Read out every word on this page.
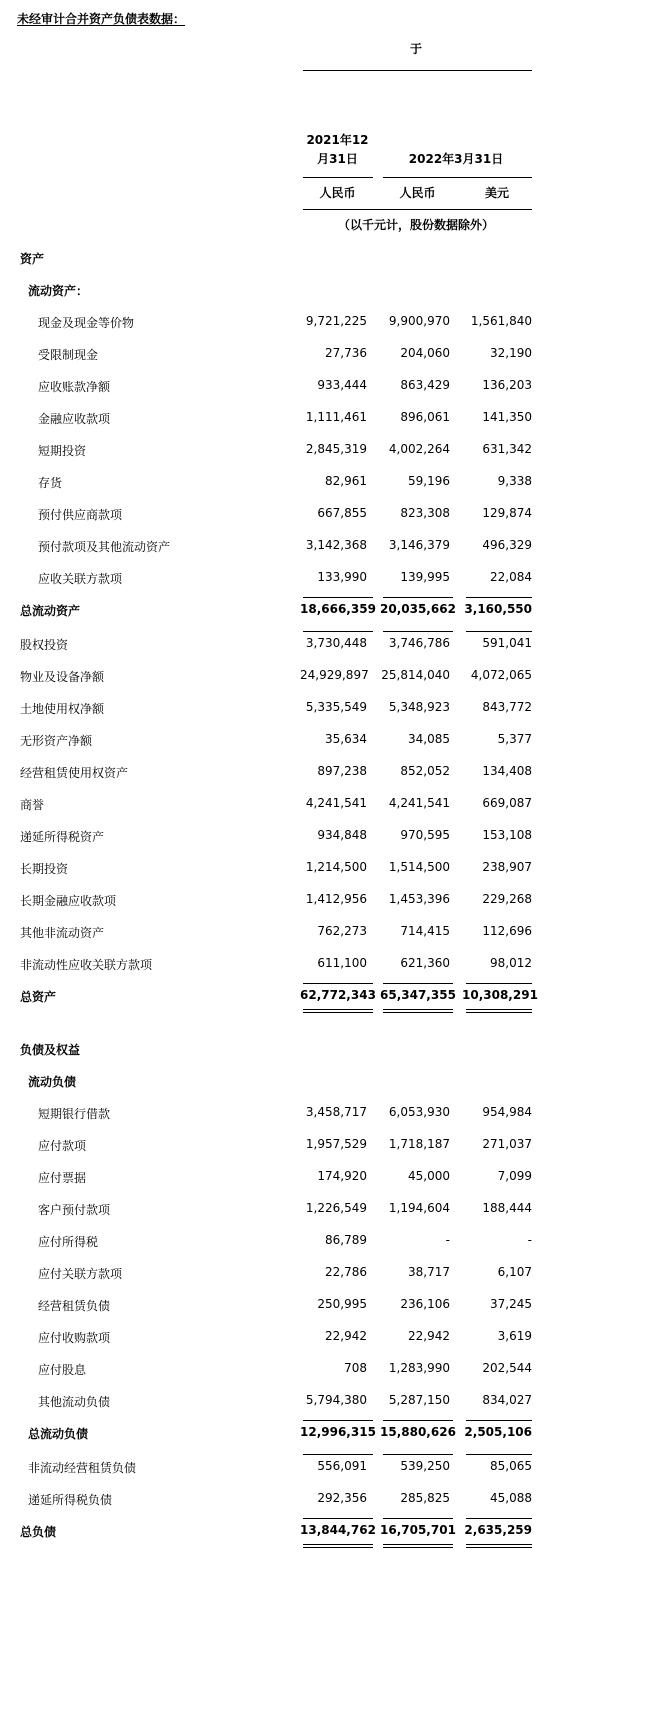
未经审计合并资产负债表数据：
于
2021年12
月31日	2022年3月31日
人民币	人民币	美元
（以千元计，股份数据除外）
资产
流动资产：
负债及权益
流动负债
现金及现金等价物	9,721,225	9,900,970	1,561,840
受限制现金	27,736	204,060	32,190
应收账款净额	933,444	863,429	136,203
金融应收款项	1,111,461	896,061	141,350
短期投资	2,845,319	4,002,264	631,342
存货	82,961	59,196	9,338
预付供应商款项	667,855	823,308	129,874
预付款项及其他流动资产	3,142,368	3,146,379	496,329
应收关联方款项	133,990	139,995	22,084
总流动资产	18,666,359 20,035,662 3,160,550
股权投资	3,730,448	3,746,786	591,041
物业及设备净额	24,929,897 25,814,040	4,072,065
土地使用权净额	5,335,549	5,348,923	843,772
无形资产净额	35,634	34,085	5,377
经营租赁使用权资产	897,238	852,052	134,408
商誉	4,241,541	4,241,541	669,087
递延所得税资产	934,848	970,595	153,108
长期投资	1,214,500	1,514,500	238,907
长期金融应收款项	1,412,956	1,453,396	229,268
其他非流动资产	762,273	714,415	112,696
非流动性应收关联方款项	611,100	621,360	98,012
总资产	62,772,343 65,347,355 10,308,291
短期银行借款	3,458,717	6,053,930	954,984
应付款项	1,957,529	1,718,187	271,037
应付票据	174,920	45,000	7,099
客户预付款项	1,226,549	1,194,604	188,444
应付所得税	86,789	-	-
应付关联方款项	22,786	38,717	6,107
经营租赁负债	250,995	236,106	37,245
应付收购款项	22,942	22,942	3,619
应付股息	708	1,283,990	202,544
其他流动负债	5,794,380	5,287,150	834,027
总流动负债	12,996,315 15,880,626 2,505,106
非流动经营租赁负债	556,091	539,250	85,065
递延所得税负债	292,356	285,825	45,088
总负债	13,844,762 16,705,701 2,635,259
